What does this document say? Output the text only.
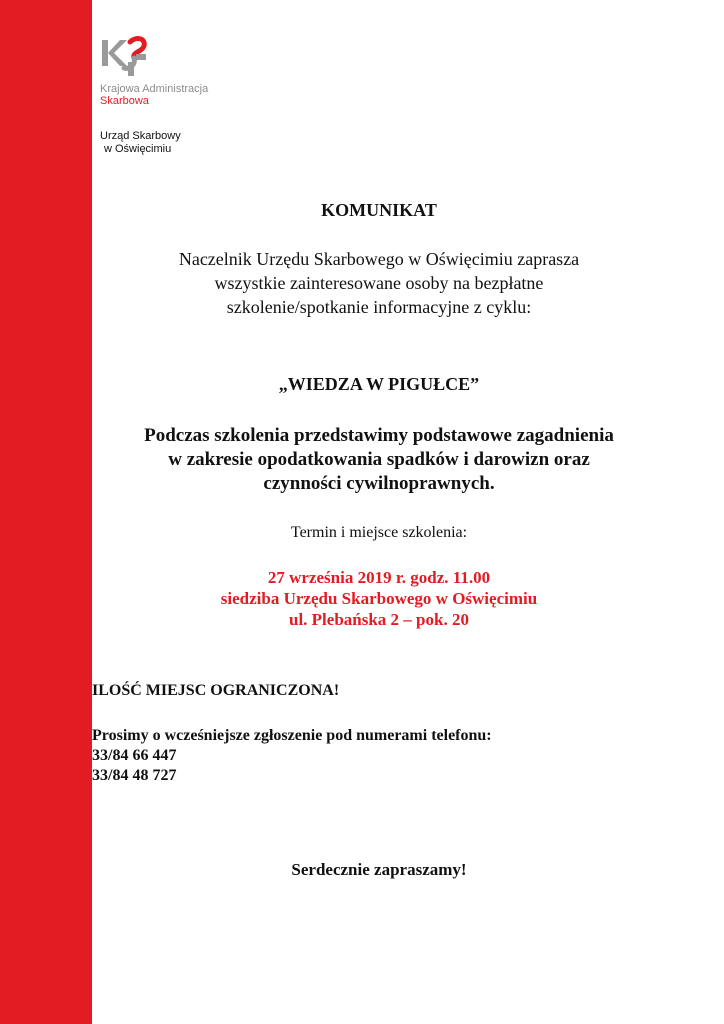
Krajowa Administracja
Skarbowa
Urząd Skarbowy
w Oświęcimiu
KOMUNIKAT
Naczelnik Urzędu Skarbowego w Oświęcimiu zaprasza
wszystkie zainteresowane osoby na bezpłatne
szkolenie/spotkanie informacyjne z cyklu:
„WIEDZA W PIGUŁCE”
Podczas szkolenia przedstawimy podstawowe zagadnienia
w zakresie opodatkowania spadków i darowizn oraz
czynności cywilnoprawnych.
Termin i miejsce szkolenia:
27 września 2019 r. godz. 11.00
siedziba Urzędu Skarbowego w Oświęcimiu
ul. Plebańska 2 – pok. 20
ILOŚĆ MIEJSC OGRANICZONA!
Prosimy o wcześniejsze zgłoszenie pod numerami telefonu:
33/84 66 447
33/84 48 727
Serdecznie zapraszamy!
